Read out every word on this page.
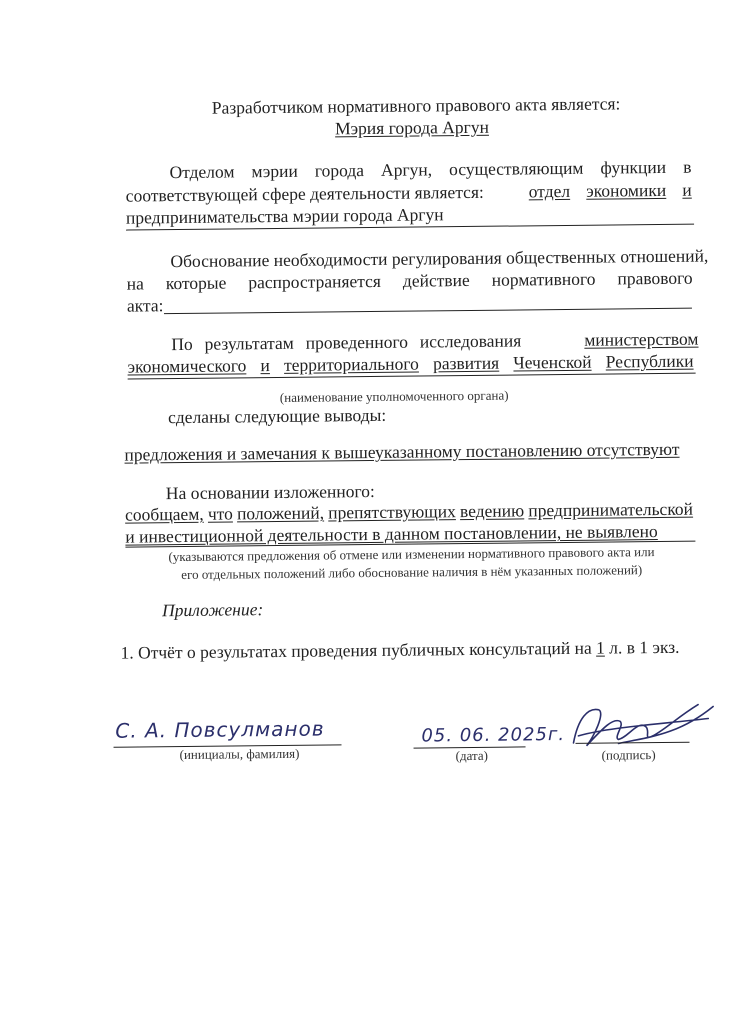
Разработчиком нормативного правового акта является:
Мэрия города Аргун
Отделом мэрии города Аргун, осуществляющим функции в
соответствующей сфере деятельности является:	отдел экономики и
предпринимательства мэрии города Аргун
Обоснование необходимости регулирования общественных отношений,
на которые распространяется действие нормативного правового
акта:
По результатам проведенного исследования	министерством
экономического и территориального развития Чеченской Республики
(наименование уполномоченного органа)
сделаны следующие выводы:
предложения и замечания к вышеуказанному постановлению отсутствуют
На основании изложенного:
сообщаем, что положений, препятствующих ведению предпринимательской
и инвестиционной деятельности в данном постановлении, не выявлено
(указываются предложения об отмене или изменении нормативного правового акта или
его отдельных положений либо обоснование наличия в нём указанных положений)
Приложение:
1. Отчёт о результатах проведения публичных консультаций на 1 л. в 1 экз.
С. А. Повсулманов
(инициалы, фамилия)
05. 06. 2025г.
(дата)	(подпись)
